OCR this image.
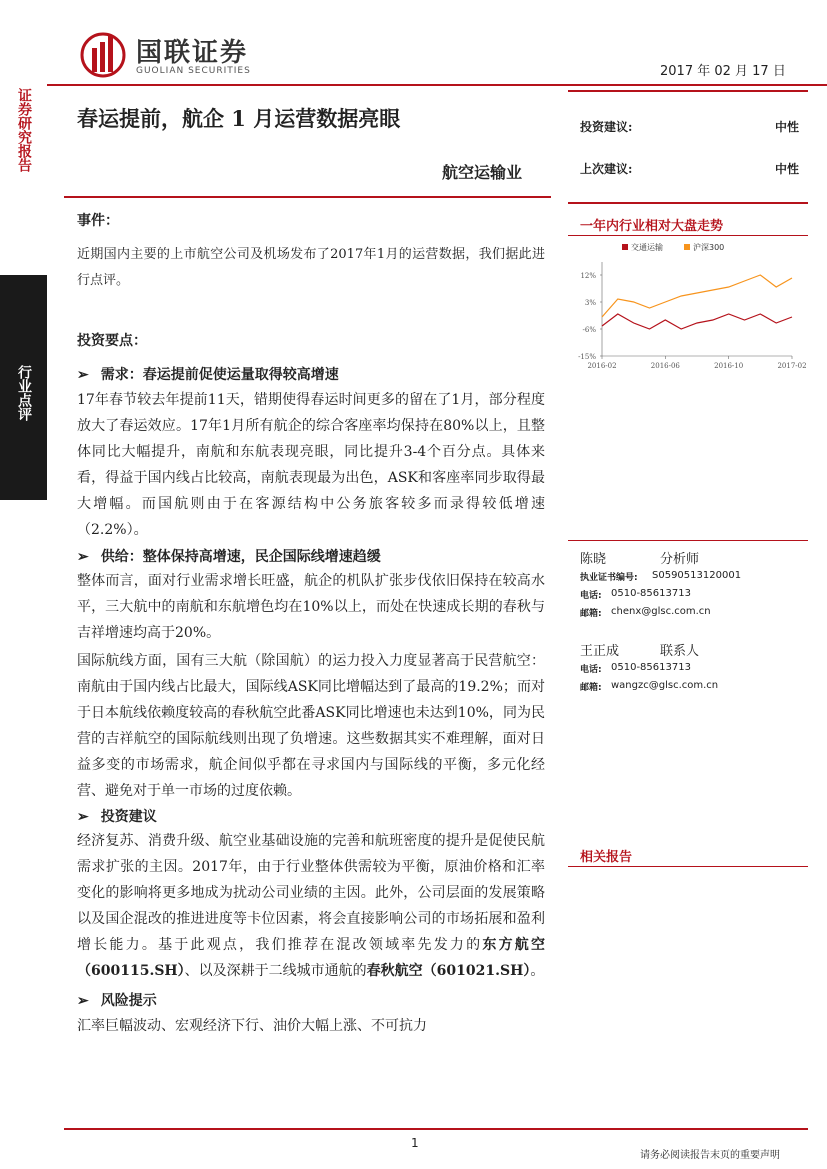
国联证券
GUOLIAN SECURITIES	2017 年 02 月 17 日
证券研究报告
行业点评
春运提前，航企 1 月运营数据亮眼
航空运输业
投资建议:	中性
上次建议:	中性
事件：
近期国内主要的上市航空公司及机场发布了2017年1月的运营数据，我们据此进行点评。
投资要点：
➢ 需求：春运提前促使运量取得较高增速
17年春节较去年提前11天，错期使得春运时间更多的留在了1月，部分程度放大了春运效应。17年1月所有航企的综合客座率均保持在80%以上，且整体同比大幅提升，南航和东航表现亮眼，同比提升3-4个百分点。具体来看，得益于国内线占比较高，南航表现最为出色，ASK和客座率同步取得最大增幅。而国航则由于在客源结构中公务旅客较多而录得较低增速（2.2%）。
➢ 供给：整体保持高增速，民企国际线增速趋缓
整体而言，面对行业需求增长旺盛，航企的机队扩张步伐依旧保持在较高水平，三大航中的南航和东航增色均在10%以上，而处在快速成长期的春秋与吉祥增速均高于20%。
国际航线方面，国有三大航（除国航）的运力投入力度显著高于民营航空：南航由于国内线占比最大，国际线ASK同比增幅达到了最高的19.2%；而对于日本航线依赖度较高的春秋航空此番ASK同比增速也未达到10%，同为民营的吉祥航空的国际航线则出现了负增速。这些数据其实不难理解，面对日益多变的市场需求，航企间似乎都在寻求国内与国际线的平衡，多元化经营、避免对于单一市场的过度依赖。
➢ 投资建议
经济复苏、消费升级、航空业基础设施的完善和航班密度的提升是促使民航需求扩张的主因。2017年，由于行业整体供需较为平衡，原油价格和汇率变化的影响将更多地成为扰动公司业绩的主因。此外，公司层面的发展策略以及国企混改的推进进度等卡位因素，将会直接影响公司的市场拓展和盈利增长能力。基于此观点，我们推荐在混改领域率先发力的东方航空（600115.SH）、以及深耕于二线城市通航的春秋航空（601021.SH）。
➢ 风险提示
汇率巨幅波动、宏观经济下行、油价大幅上涨、不可抗力
一年内行业相对大盘走势
交通运输	沪深300
12%
3%
-6%
-15%
2016-02	2016-06	2016-10	2017-02
陈晓	分析师
执业证书编号: S0590513120001
电话: 0510-85613713
邮箱: chenx@glsc.com.cn
王正成	联系人
电话: 0510-85613713
邮箱: wangzc@glsc.com.cn
相关报告
1
请务必阅读报告末页的重要声明
